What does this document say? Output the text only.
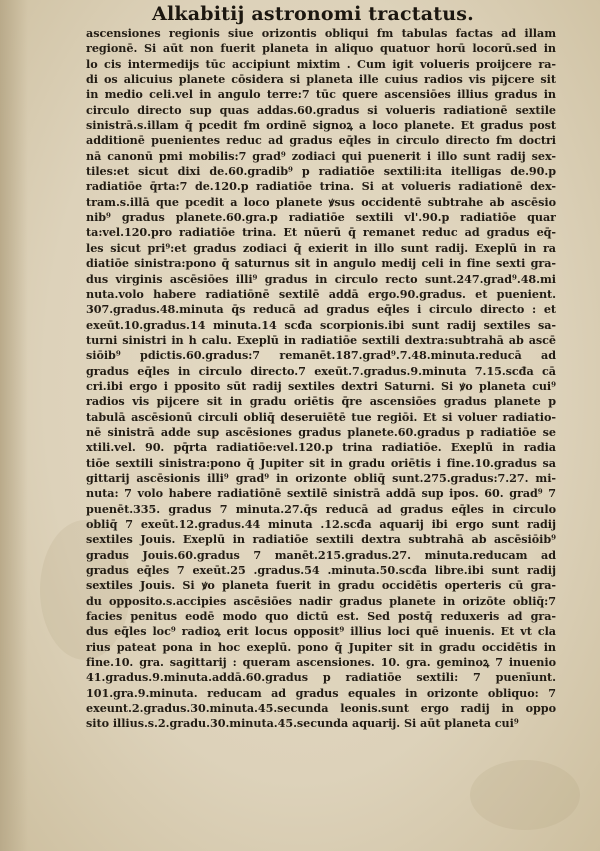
Alkabitij astronomi tractatus.
ascensiones regionis siue orizontis obliqui fm tabulas factas ad illam
regionē. Si aūt non fuerit planeta in aliquo quatuor horū locorū.sed in
lo cis intermedijs tūc accipiunt mixtim . Cum igit volueris proijcere ra-
di os alicuius planete cōsidera si planeta ille cuius radios vis pijcere sit
in medio celi.vel in angulo terre:7 tūc quere ascensiōes illius gradus in
circulo directo sup quas addas.60.gradus si volueris radiationē sextile
sinistrā.s.illam q̄ pcedit fm ordinē signoꝝ a loco planete. Et gradus post
additionē puenientes reduc ad gradus eq̄les in circulo directo fm doctri
nā canonū pmi mobilis:7 grad⁹ zodiaci qui puenerit i illo sunt radij sex-
tiles:et sicut dixi de.60.gradib⁹ p radiatiōe sextili:ita itelligas de.90.p
radiatiōe q̄rta:7 de.120.p radiatiōe trina. Si at volueris radiationē dex-
tram.s.illā que pcedit a loco planete ꝟsus occidentē subtrahe ab ascēsio
nib⁹ gradus planete.60.gra.p radiatiōe sextili vl'.90.p radiatiōe quar
ta:vel.120.pro radiatiōe trina. Et nūerū q̄ remanet reduc ad gradus eq̄-
les sicut pri⁹:et gradus zodiaci q̄ exierit in illo sunt radij. Exeplū in ra
diatiōe sinistra:pono q̄ saturnus sit in angulo medij celi in fine sexti gra-
dus virginis ascēsiōes illi⁹ gradus in circulo recto sunt.247.grad⁹.48.mi
nuta.volo habere radiatiōnē sextilē addā ergo.90.gradus. et puenient.
307.gradus.48.minuta q̄s reducā ad gradus eq̄les i circulo directo : et
exeūt.10.gradus.14 minuta.14 scđa scorpionis.ibi sunt radij sextiles sa-
turni sinistri in h calu. Exeplū in radiatiōe sextili dextra:subtrahā ab ascē
siōib⁹ pdictis.60.gradus:7 remanēt.187.grad⁹.7.48.minuta.reducā ad
gradus eq̄les in circulo directo.7 exeūt.7.gradus.9.minuta 7.15.scđa cā
cri.ibi ergo i pposito sūt radij sextiles dextri Saturni. Si ꝟo planeta cui⁹
radios vis pijcere sit in gradu oriētis q̄re ascensiōes gradus planete p
tabulā ascēsionū circuli obliq̄ deseruiētē tue regiōi. Et si voluer radiatio-
nē sinistrā adde sup ascēsiones gradus planete.60.gradus p radiatiōe se
xtili.vel. 90. pq̄rta radiatiōe:vel.120.p trina radiatiōe. Exeplū in radia
tiōe sextili sinistra:pono q̄ Jupiter sit in gradu oriētis i fine.10.gradus sa
gittarij ascēsionis illi⁹ grad⁹ in orizonte obliq̄ sunt.275.gradus:7.27. mi-
nuta: 7 volo habere radiatiōnē sextilē sinistrā addā sup ipos. 60. grad⁹ 7
puenēt.335. gradus 7 minuta.27.q̄s reducā ad gradus eq̄les in circulo
obliq̄ 7 exeūt.12.gradus.44 minuta .12.scđa aquarij ibi ergo sunt radij
sextiles Jouis. Exeplū in radiatiōe sextili dextra subtrahā ab ascēsiōib⁹
gradus Jouis.60.gradus 7 manēt.215.gradus.27. minuta.reducam ad
gradus eq̄les 7 exeūt.25 .gradus.54 .minuta.50.scđa libre.ibi sunt radij
sextiles Jouis. Si ꝟo planeta fuerit in gradu occidētis operteris cū gra-
du opposito.s.accipies ascēsiōes nadir gradus planete in orizōte obliq̄:7
facies penitus eodē modo quo dictū est. Sed postq̄ reduxeris ad gra-
dus eq̄les loc⁹ radioꝝ erit locus opposit⁹ illius loci quē inuenis. Et vt cla
rius pateat pona in hoc exeplū. pono q̄ Jupiter sit in gradu occidētis in
fine.10. gra. sagittarij : queram ascensiones. 10. gra. geminoꝝ 7 inuenio
41.gradus.9.minuta.addā.60.gradus p radiatiōe sextili: 7 puenīunt.
101.gra.9.minuta. reducam ad gradus equales in orizonte obliquo: 7
exeunt.2.gradus.30.minuta.45.secunda leonis.sunt ergo radij in oppo
sito illius.s.2.gradu.30.minuta.45.secunda aquarij. Si aūt planeta cui⁹
